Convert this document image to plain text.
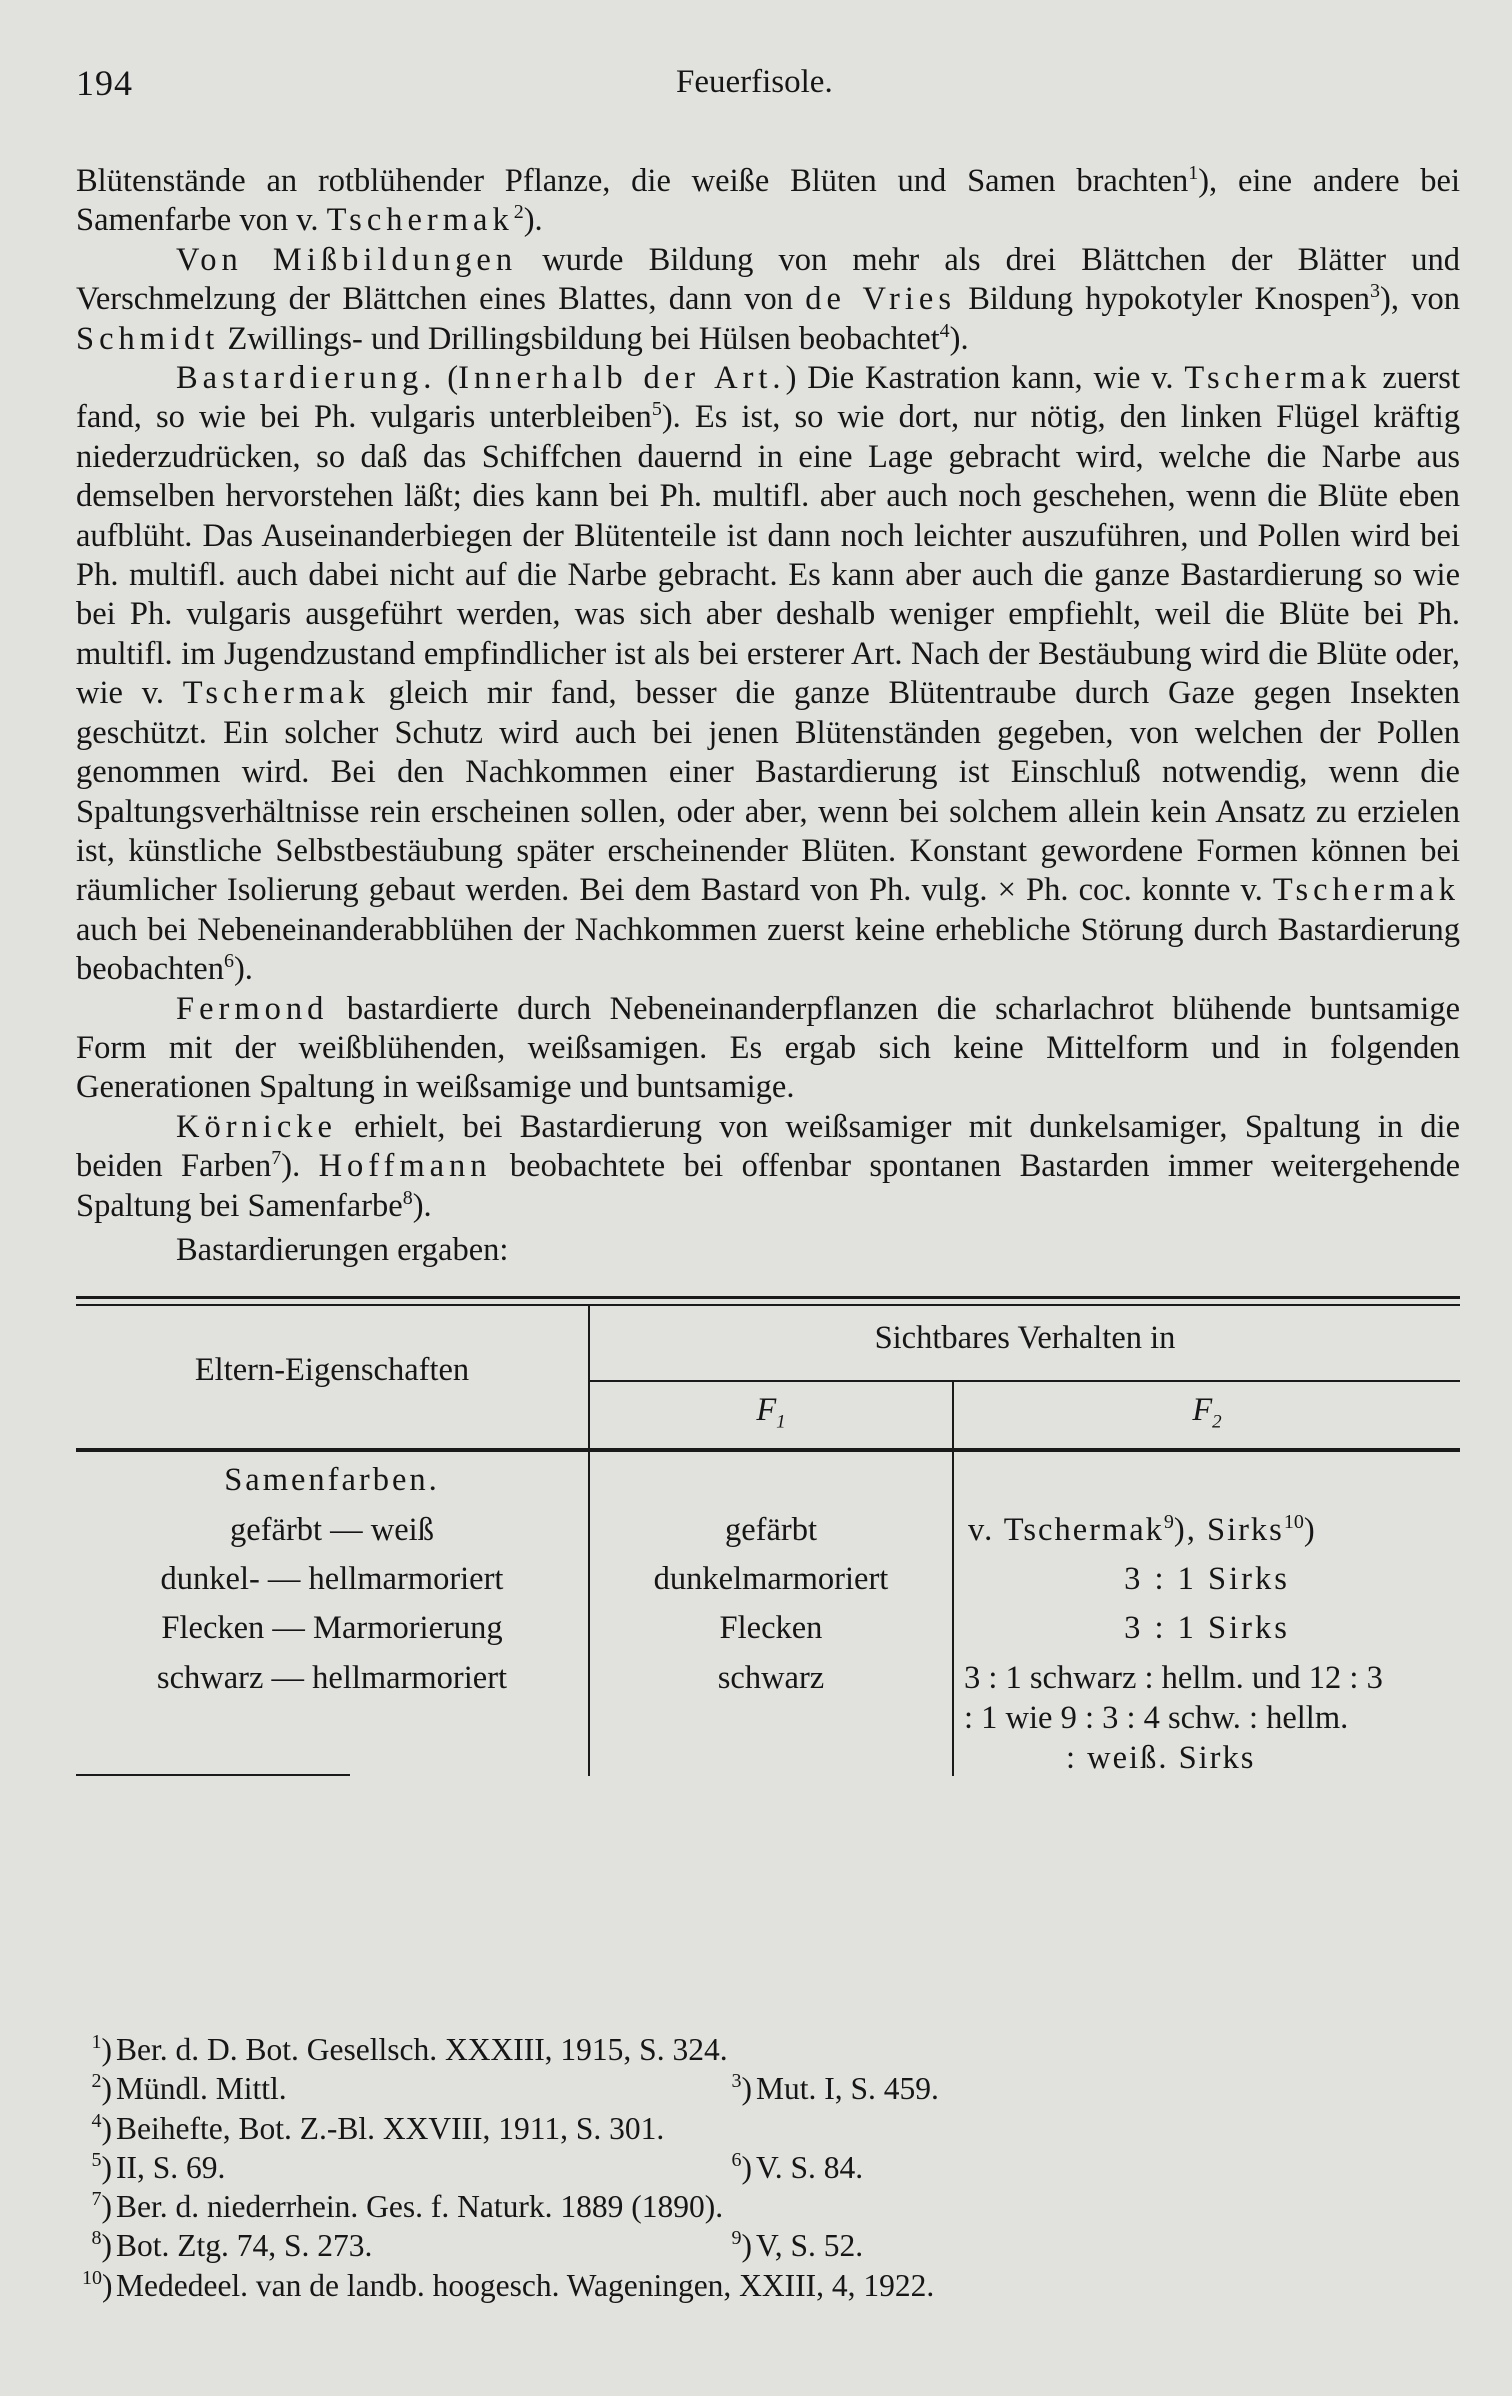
194	Feuerfisole.

Blütenstände an rotblühender Pflanze, die weiße Blüten und Samen brachten$^1$), eine andere bei Samenfarbe von v. Tschermak$^2$).

Von Mißbildungen wurde Bildung von mehr als drei Blättchen der Blätter und Verschmelzung der Blättchen eines Blattes, dann von de Vries Bildung hypokotyler Knospen$^3$), von Schmidt Zwillings- und Drillingsbildung bei Hülsen beobachtet$^4$).

Bastardierung. (Innerhalb der Art.) Die Kastration kann, wie v. Tschermak zuerst fand, so wie bei Ph. vulgaris unterbleiben$^5$). Es ist, so wie dort, nur nötig, den linken Flügel kräftig niederzudrücken, so daß das Schiffchen dauernd in eine Lage gebracht wird, welche die Narbe aus demselben hervorstehen läßt; dies kann bei Ph. multifl. aber auch noch geschehen, wenn die Blüte eben aufblüht. Das Auseinanderbiegen der Blütenteile ist dann noch leichter auszuführen, und Pollen wird bei Ph. multifl. auch dabei nicht auf die Narbe gebracht. Es kann aber auch die ganze Bastardierung so wie bei Ph. vulgaris ausgeführt werden, was sich aber deshalb weniger empfiehlt, weil die Blüte bei Ph. multifl. im Jugendzustand empfindlicher ist als bei ersterer Art. Nach der Bestäubung wird die Blüte oder, wie v. Tschermak gleich mir fand, besser die ganze Blütentraube durch Gaze gegen Insekten geschützt. Ein solcher Schutz wird auch bei jenen Blütenständen gegeben, von welchen der Pollen genommen wird. Bei den Nachkommen einer Bastardierung ist Einschluß notwendig, wenn die Spaltungsverhältnisse rein erscheinen sollen, oder aber, wenn bei solchem allein kein Ansatz zu erzielen ist, künstliche Selbstbestäubung später erscheinender Blüten. Konstant gewordene Formen können bei räumlicher Isolierung gebaut werden. Bei dem Bastard von Ph. vulg. × Ph. coc. konnte v. Tschermak auch bei Nebeneinanderabblühen der Nachkommen zuerst keine erhebliche Störung durch Bastardierung beobachten$^6$).

Fermond bastardierte durch Nebeneinanderpflanzen die scharlachrot blühende buntsamige Form mit der weißblühenden, weißsamigen. Es ergab sich keine Mittelform und in folgenden Generationen Spaltung in weißsamige und buntsamige.

Körnicke erhielt, bei Bastardierung von weißsamiger mit dunkelsamiger, Spaltung in die beiden Farben$^7$). Hoffmann beobachtete bei offenbar spontanen Bastarden immer weitergehende Spaltung bei Samenfarbe$^8$).

Bastardierungen ergaben:
Eltern-Eigenschaften
Sichtbares Verhalten in
$F_1$	$F_2$
Samenfarben.
gefärbt — weiß	gefärbt	v. Tschermak$^9$), Sirks$^{10}$)
dunkel- — hellmarmoriert	dunkelmarmoriert	3 : 1 Sirks
Flecken — Marmorierung	Flecken	3 : 1 Sirks
schwarz — hellmarmoriert	schwarz	3 : 1 schwarz : hellm. und 12 : 3
: 1 wie 9 : 3 : 4 schw. : hellm.
: weiß. Sirks
$^1$) Ber. d. D. Bot. Gesellsch. XXXIII, 1915, S. 324.
$^2$) Mündl. Mittl.	$^3$) Mut. I, S. 459.
$^4$) Beihefte, Bot. Z.-Bl. XXVIII, 1911, S. 301.
$^5$) II, S. 69.	$^6$) V. S. 84.
$^7$) Ber. d. niederrhein. Ges. f. Naturk. 1889 (1890).
$^8$) Bot. Ztg. 74, S. 273.	$^9$) V, S. 52.
$^{10}$) Mededeel. van de landb. hoogesch. Wageningen, XXIII, 4, 1922.
